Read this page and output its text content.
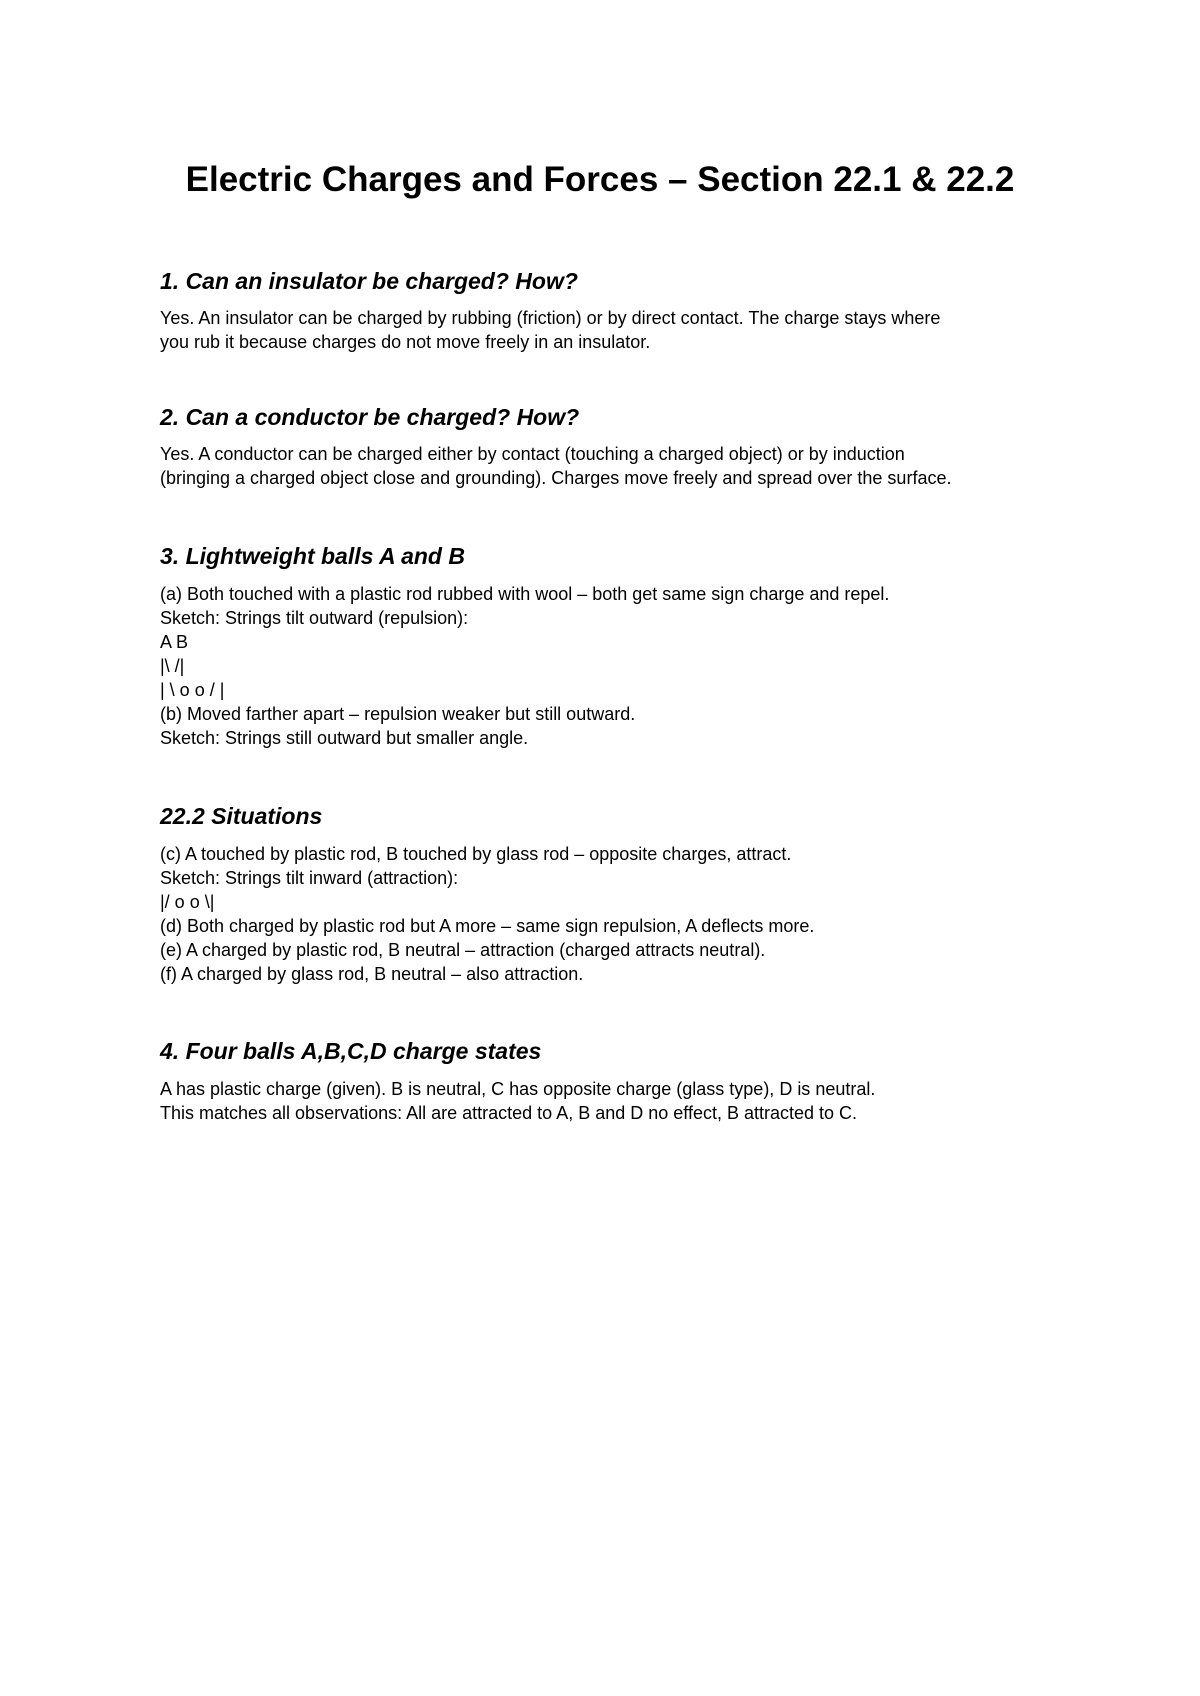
Electric Charges and Forces – Section 22.1 & 22.2
1. Can an insulator be charged? How?
Yes. An insulator can be charged by rubbing (friction) or by direct contact. The charge stays where
you rub it because charges do not move freely in an insulator.
2. Can a conductor be charged? How?
Yes. A conductor can be charged either by contact (touching a charged object) or by induction
(bringing a charged object close and grounding). Charges move freely and spread over the surface.
3. Lightweight balls A and B
(a) Both touched with a plastic rod rubbed with wool – both get same sign charge and repel.
Sketch: Strings tilt outward (repulsion):
A B
|\ /|
| \ o o / |
(b) Moved farther apart – repulsion weaker but still outward.
Sketch: Strings still outward but smaller angle.
22.2 Situations
(c) A touched by plastic rod, B touched by glass rod – opposite charges, attract.
Sketch: Strings tilt inward (attraction):
|/ o o \|
(d) Both charged by plastic rod but A more – same sign repulsion, A deflects more.
(e) A charged by plastic rod, B neutral – attraction (charged attracts neutral).
(f) A charged by glass rod, B neutral – also attraction.
4. Four balls A,B,C,D charge states
A has plastic charge (given). B is neutral, C has opposite charge (glass type), D is neutral.
This matches all observations: All are attracted to A, B and D no effect, B attracted to C.
